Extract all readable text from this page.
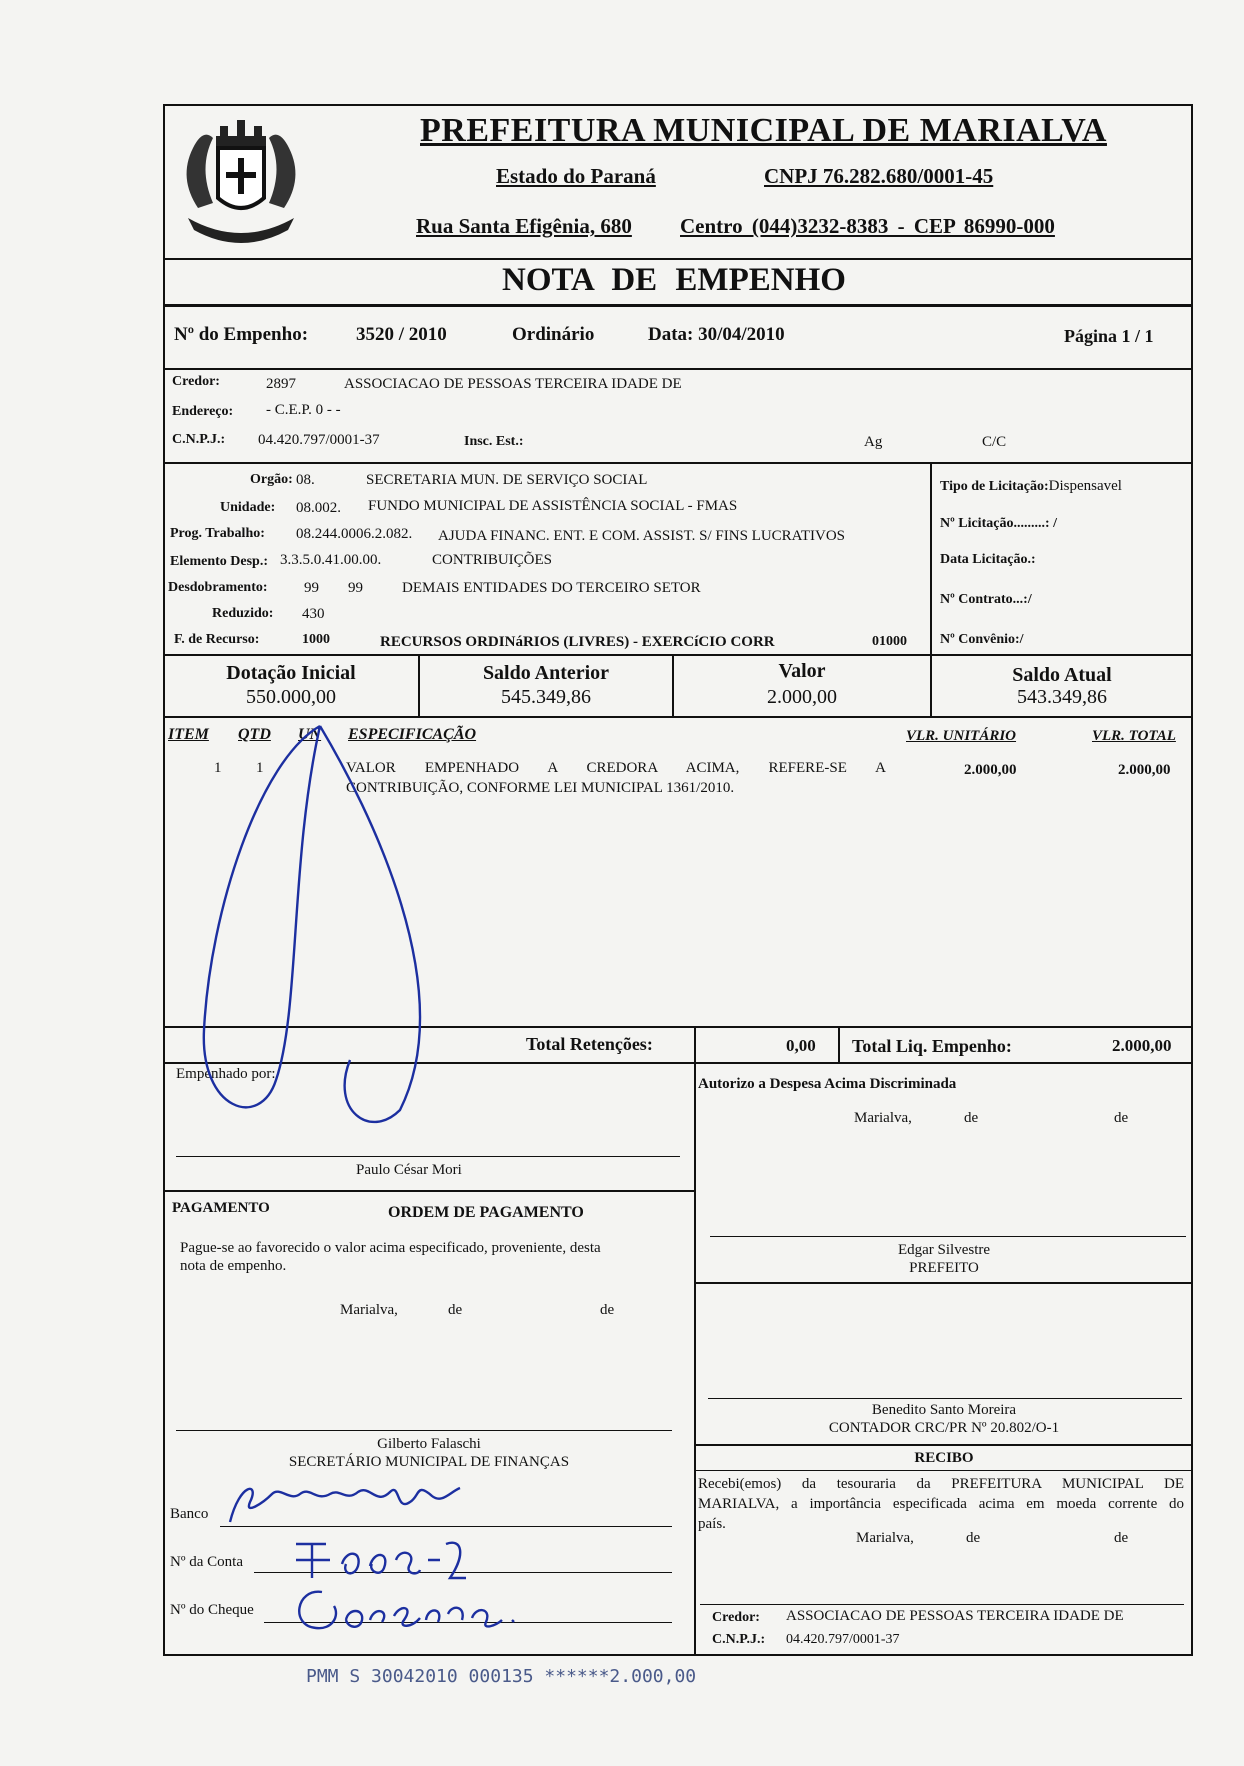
PREFEITURA MUNICIPAL DE MARIALVA
Estado do Paraná	CNPJ 76.282.680/0001-45
Rua Santa Efigênia, 680 Centro (044)3232-8383 - CEP 86990-000
NOTA DE EMPENHO
Nº do Empenho:	3520 / 2010	Ordinário	Data: 30/04/2010	Página 1 / 1
Credor:	2897	ASSOCIACAO DE PESSOAS TERCEIRA IDADE DE
Endereço: - C.E.P. 0 - -
C.N.P.J.: 04.420.797/0001-37	Insc. Est.:	Ag	C/C
Orgão: 08.	SECRETARIA MUN. DE SERVIÇO SOCIAL
Unidade: 08.002. FUNDO MUNICIPAL DE ASSISTÊNCIA SOCIAL - FMAS
Prog. Trabalho: 08.244.0006.2.082. AJUDA FINANC. ENT. E COM. ASSIST. S/ FINS LUCRATIVOS
Elemento Desp.: 3.3.5.0.41.00.00.	CONTRIBUIÇÕES
Desdobramento: 99 99	DEMAIS ENTIDADES DO TERCEIRO SETOR
Reduzido: 430
F. de Recurso:	1000	RECURSOS ORDINáRIOS (LIVRES) - EXERCíCIO CORR	01000
Tipo de Licitação:Dispensavel
Nº Licitação.........: /
Data Licitação.:
Nº Contrato...:/
Nº Convênio:/
Dotação Inicial
550.000,00
Saldo Anterior
545.349,86
Valor
2.000,00
Saldo Atual
543.349,86
ITEM QTD UN ESPECIFICAÇÃO	VLR. UNITÁRIO	VLR. TOTAL
1 1	VALOR EMPENHADO A CREDORA ACIMA, REFERE-SE A
CONTRIBUIÇÃO, CONFORME LEI MUNICIPAL 1361/2010.
2.000,00	2.000,00
Total Retenções:	0,00 Total Liq. Empenho:	2.000,00
Empenhado por:
Paulo César Mori
Autorizo a Despesa Acima Discriminada
Marialva,	de	de
Edgar Silvestre
PREFEITO
PAGAMENTO	ORDEM DE PAGAMENTO
Pague-se ao favorecido o valor acima especificado, proveniente, desta
nota de empenho.
Marialva,	de	de
Gilberto Falaschi
SECRETÁRIO MUNICIPAL DE FINANÇAS
Banco
Nº da Conta
Nº do Cheque
Benedito Santo Moreira
CONTADOR CRC/PR Nº 20.802/O-1
RECIBO
Recebi(emos) da tesouraria da PREFEITURA MUNICIPAL DE
MARIALVA, a importância especificada acima em moeda corrente do
país.
Marialva,	de	de
Credor: ASSOCIACAO DE PESSOAS TERCEIRA IDADE DE
C.N.P.J.: 04.420.797/0001-37
PMM S 30042010 000135 ******2.000,00
